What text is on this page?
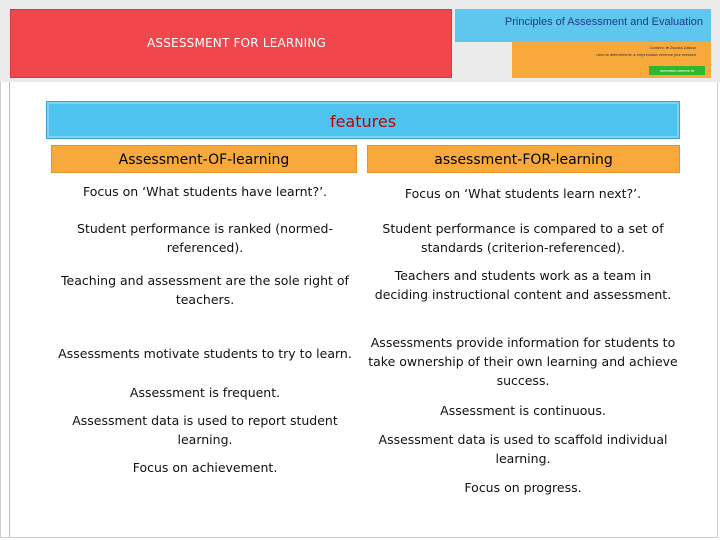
ASSESSMENT FOR LEARNING
Principles of Assessment and Evaluation
Content: ►Zsuzsa Zatkan
ubro la determinerá: a empresidad verrinne jeur messen
mmmmm ammm m
features
Assessment-OF-learning	assessment-FOR-learning
Focus on ‘What students have learnt?’.
Student performance is ranked (normed-referenced).
Teaching and assessment are the sole right of teachers.
Assessments motivate students to try to learn.
Assessment is frequent.
Assessment data is used to report student learning.
Focus on achievement.
Focus on ‘What students learn next?’.
Student performance is compared to a set of standards (criterion-referenced).
Teachers and students work as a team in deciding instructional content and assessment.
Assessments provide information for students to take ownership of their own learning and achieve success.
Assessment is continuous.
Assessment data is used to scaffold individual learning.
Focus on progress.
